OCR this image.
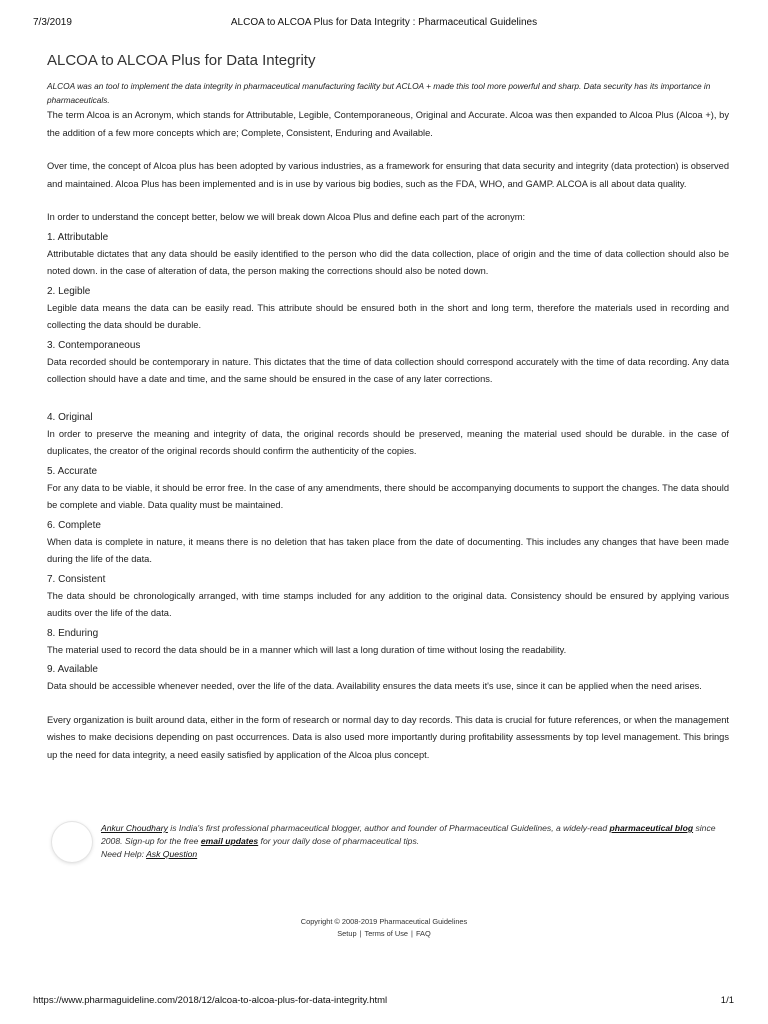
7/3/2019	ALCOA to ALCOA Plus for Data Integrity : Pharmaceutical Guidelines
ALCOA to ALCOA Plus for Data Integrity

ALCOA was an tool to implement the data integrity in pharmaceutical manufacturing facility but ACLOA + made this tool more powerful and sharp. Data security has its importance in pharmaceuticals.

The term Alcoa is an Acronym, which stands for Attributable, Legible, Contemporaneous, Original and Accurate. Alcoa was then expanded to Alcoa Plus (Alcoa +), by the addition of a few more concepts which are; Complete, Consistent, Enduring and Available.

Over time, the concept of Alcoa plus has been adopted by various industries, as a framework for ensuring that data security and integrity (data protection) is observed and maintained. Alcoa Plus has been implemented and is in use by various big bodies, such as the FDA, WHO, and GAMP. ALCOA is all about data quality.

In order to understand the concept better, below we will break down Alcoa Plus and define each part of the acronym:

1. Attributable

Attributable dictates that any data should be easily identified to the person who did the data collection, place of origin and the time of data collection should also be noted down. in the case of alteration of data, the person making the corrections should also be noted down.

2. Legible

Legible data means the data can be easily read. This attribute should be ensured both in the short and long term, therefore the materials used in recording and collecting the data should be durable.

3. Contemporaneous

Data recorded should be contemporary in nature. This dictates that the time of data collection should correspond accurately with the time of data recording. Any data collection should have a date and time, and the same should be ensured in the case of any later corrections.

4. Original

In order to preserve the meaning and integrity of data, the original records should be preserved, meaning the material used should be durable. in the case of duplicates, the creator of the original records should confirm the authenticity of the copies.

5. Accurate

For any data to be viable, it should be error free. In the case of any amendments, there should be accompanying documents to support the changes. The data should be complete and viable. Data quality must be maintained.

6. Complete

When data is complete in nature, it means there is no deletion that has taken place from the date of documenting. This includes any changes that have been made during the life of the data.

7. Consistent

The data should be chronologically arranged, with time stamps included for any addition to the original data. Consistency should be ensured by applying various audits over the life of the data.

8. Enduring

The material used to record the data should be in a manner which will last a long duration of time without losing the readability.

9. Available

Data should be accessible whenever needed, over the life of the data. Availability ensures the data meets it's use, since it can be applied when the need arises.

Every organization is built around data, either in the form of research or normal day to day records. This data is crucial for future references, or when the management wishes to make decisions depending on past occurrences. Data is also used more importantly during profitability assessments by top level management. This brings up the need for data integrity, a need easily satisfied by application of the Alcoa plus concept.

Ankur Choudhary is India's first professional pharmaceutical blogger, author and founder of Pharmaceutical Guidelines, a widely-read pharmaceutical blog since 2008. Sign-up for the free email updates for your daily dose of pharmaceutical tips.
Need Help: Ask Question
Copyright © 2008-2019 Pharmaceutical Guidelines
Setup | Terms of Use | FAQ
https://www.pharmaguideline.com/2018/12/alcoa-to-alcoa-plus-for-data-integrity.html	1/1
